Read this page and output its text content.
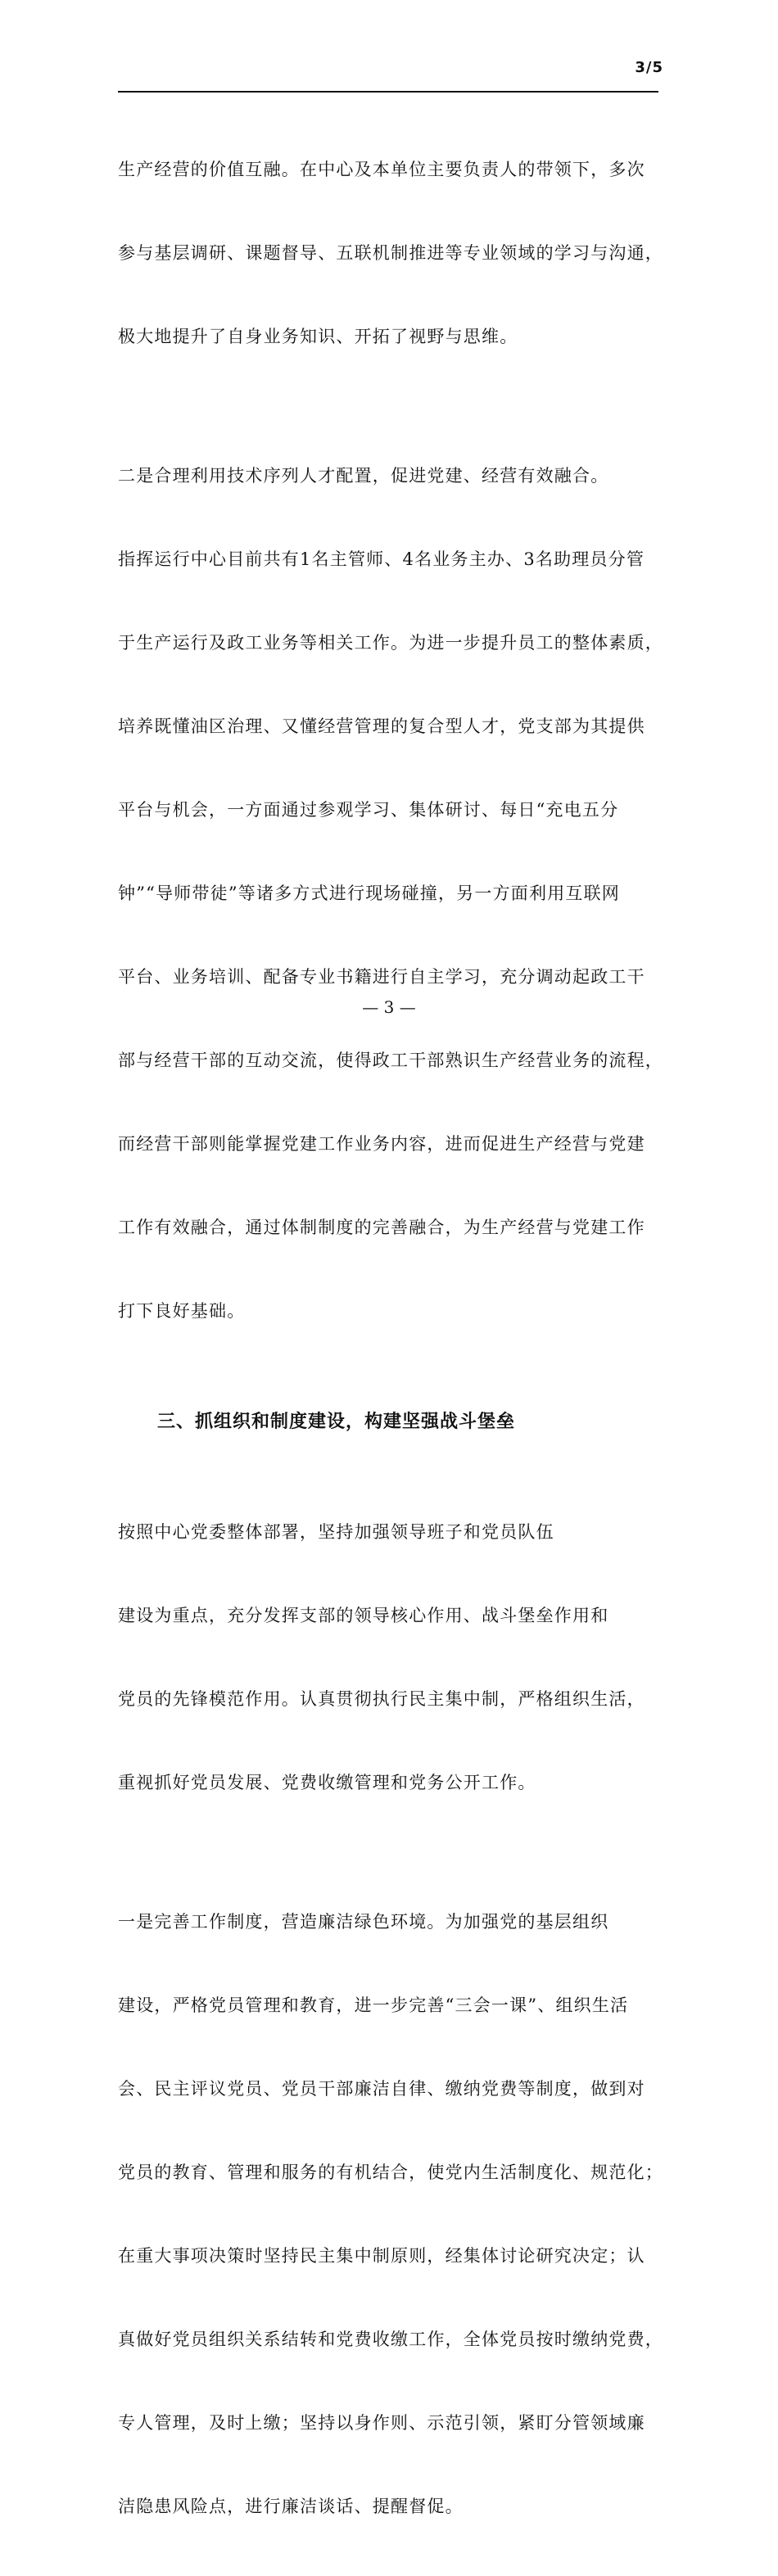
3/5

生产经营的价值互融。在中心及本单位主要负责人的带领下，多次

参与基层调研、课题督导、五联机制推进等专业领域的学习与沟通，

极大地提升了自身业务知识、开拓了视野与思维。

二是合理利用技术序列人才配置，促进党建、经营有效融合。

指挥运行中心目前共有1名主管师、4名业务主办、3名助理员分管

于生产运行及政工业务等相关工作。为进一步提升员工的整体素质，

培养既懂油区治理、又懂经营管理的复合型人才，党支部为其提供

平台与机会，一方面通过参观学习、集体研讨、每日“充电五分

钟”“导师带徒”等诸多方式进行现场碰撞，另一方面利用互联网

平台、业务培训、配备专业书籍进行自主学习，充分调动起政工干

部与经营干部的互动交流，使得政工干部熟识生产经营业务的流程，

而经营干部则能掌握党建工作业务内容，进而促进生产经营与党建

工作有效融合，通过体制制度的完善融合，为生产经营与党建工作

打下良好基础。

三、抓组织和制度建设，构建坚强战斗堡垒

按照中心党委整体部署，坚持加强领导班子和党员队伍

建设为重点，充分发挥支部的领导核心作用、战斗堡垒作用和

党员的先锋模范作用。认真贯彻执行民主集中制，严格组织生活，

重视抓好党员发展、党费收缴管理和党务公开工作。

一是完善工作制度，营造廉洁绿色环境。为加强党的基层组织

建设，严格党员管理和教育，进一步完善“三会一课”、组织生活

会、民主评议党员、党员干部廉洁自律、缴纳党费等制度，做到对

党员的教育、管理和服务的有机结合，使党内生活制度化、规范化；

在重大事项决策时坚持民主集中制原则，经集体讨论研究决定；认

真做好党员组织关系结转和党费收缴工作，全体党员按时缴纳党费，

专人管理，及时上缴；坚持以身作则、示范引领，紧盯分管领域廉

洁隐患风险点，进行廉洁谈话、提醒督促。

— 3 —
